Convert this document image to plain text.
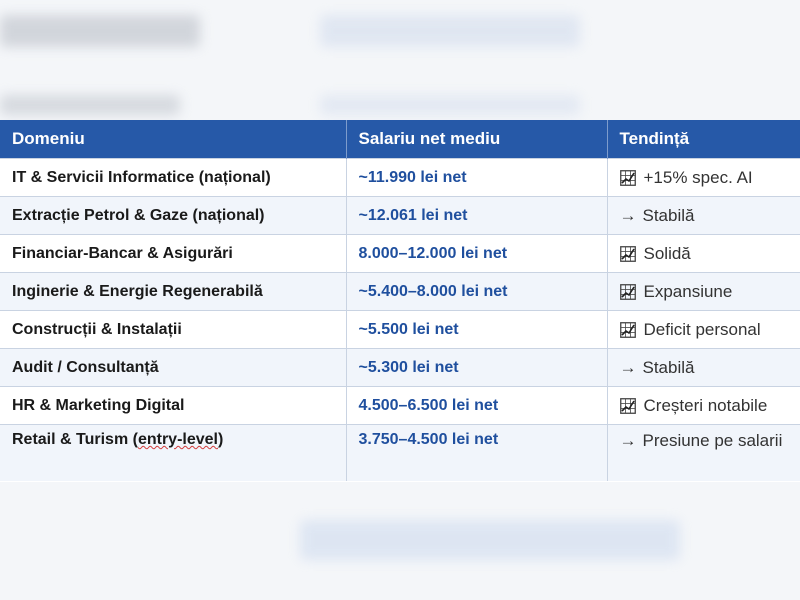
Domeniu	Salariu net mediu	Tendință
IT & Servicii Informatice (național)	~11.990 lei net	+15% spec. AI
Extracție Petrol & Gaze (național)	~12.061 lei net	→ Stabilă
Financiar-Bancar & Asigurări	8.000–12.000 lei net	Solidă
Inginerie & Energie Regenerabilă	~5.400–8.000 lei net	Expansiune
Construcții & Instalații	~5.500 lei net	Deficit personal
Audit / Consultanță	~5.300 lei net	→ Stabilă
HR & Marketing Digital	4.500–6.500 lei net	Creșteri notabile
Retail & Turism (entry-level)	3.750–4.500 lei net	→ Presiune pe salarii
